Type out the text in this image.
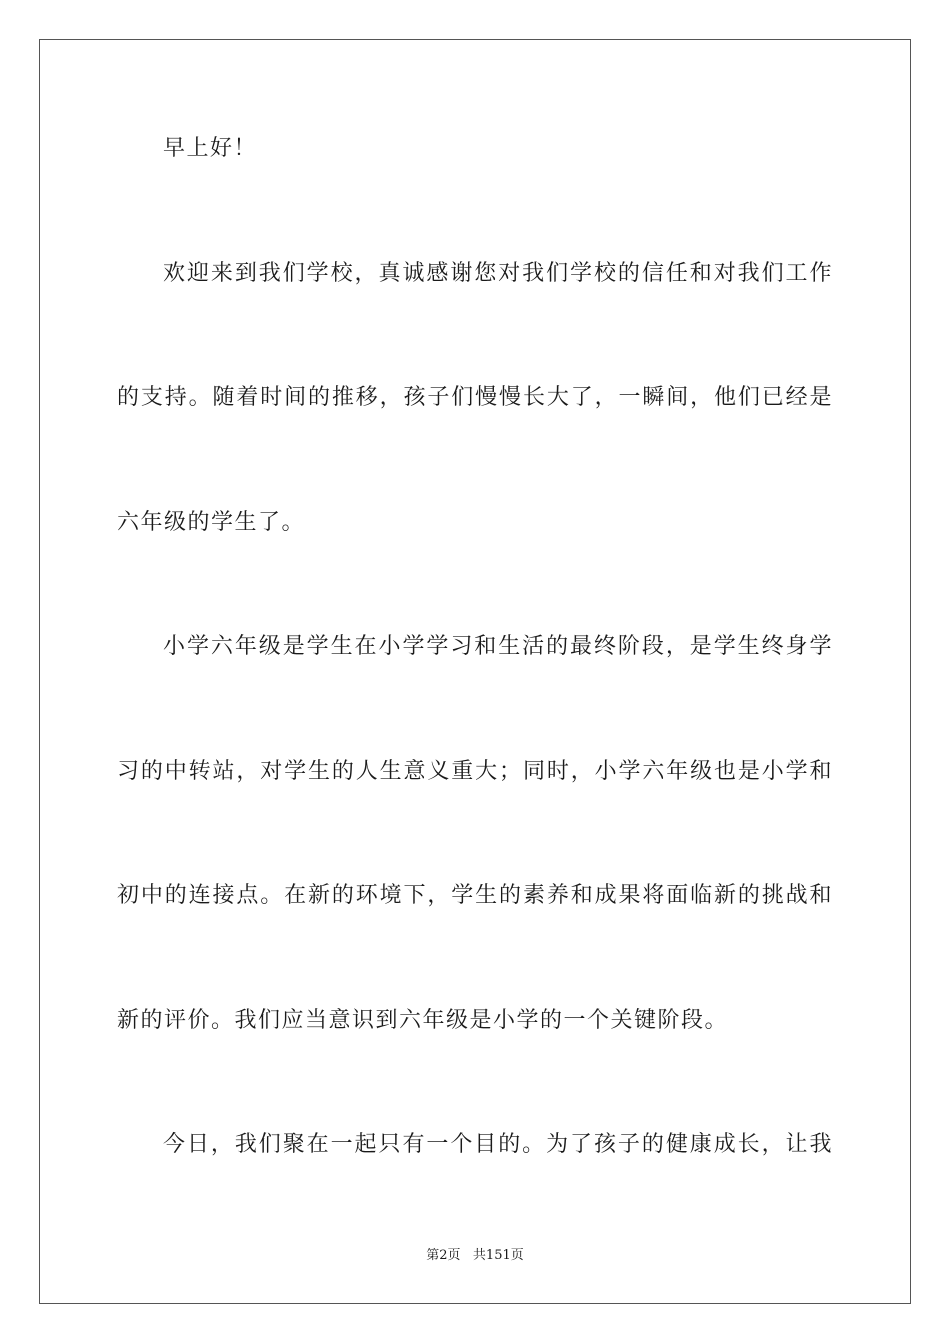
早上好！
欢迎来到我们学校，真诚感谢您对我们学校的信任和对我们工作
的支持。随着时间的推移，孩子们慢慢长大了，一瞬间，他们已经是
六年级的学生了。
小学六年级是学生在小学学习和生活的最终阶段，是学生终身学
习的中转站，对学生的人生意义重大；同时，小学六年级也是小学和
初中的连接点。在新的环境下，学生的素养和成果将面临新的挑战和
新的评价。我们应当意识到六年级是小学的一个关键阶段。
今日，我们聚在一起只有一个目的。为了孩子的健康成长，让我
第2页 共151页
